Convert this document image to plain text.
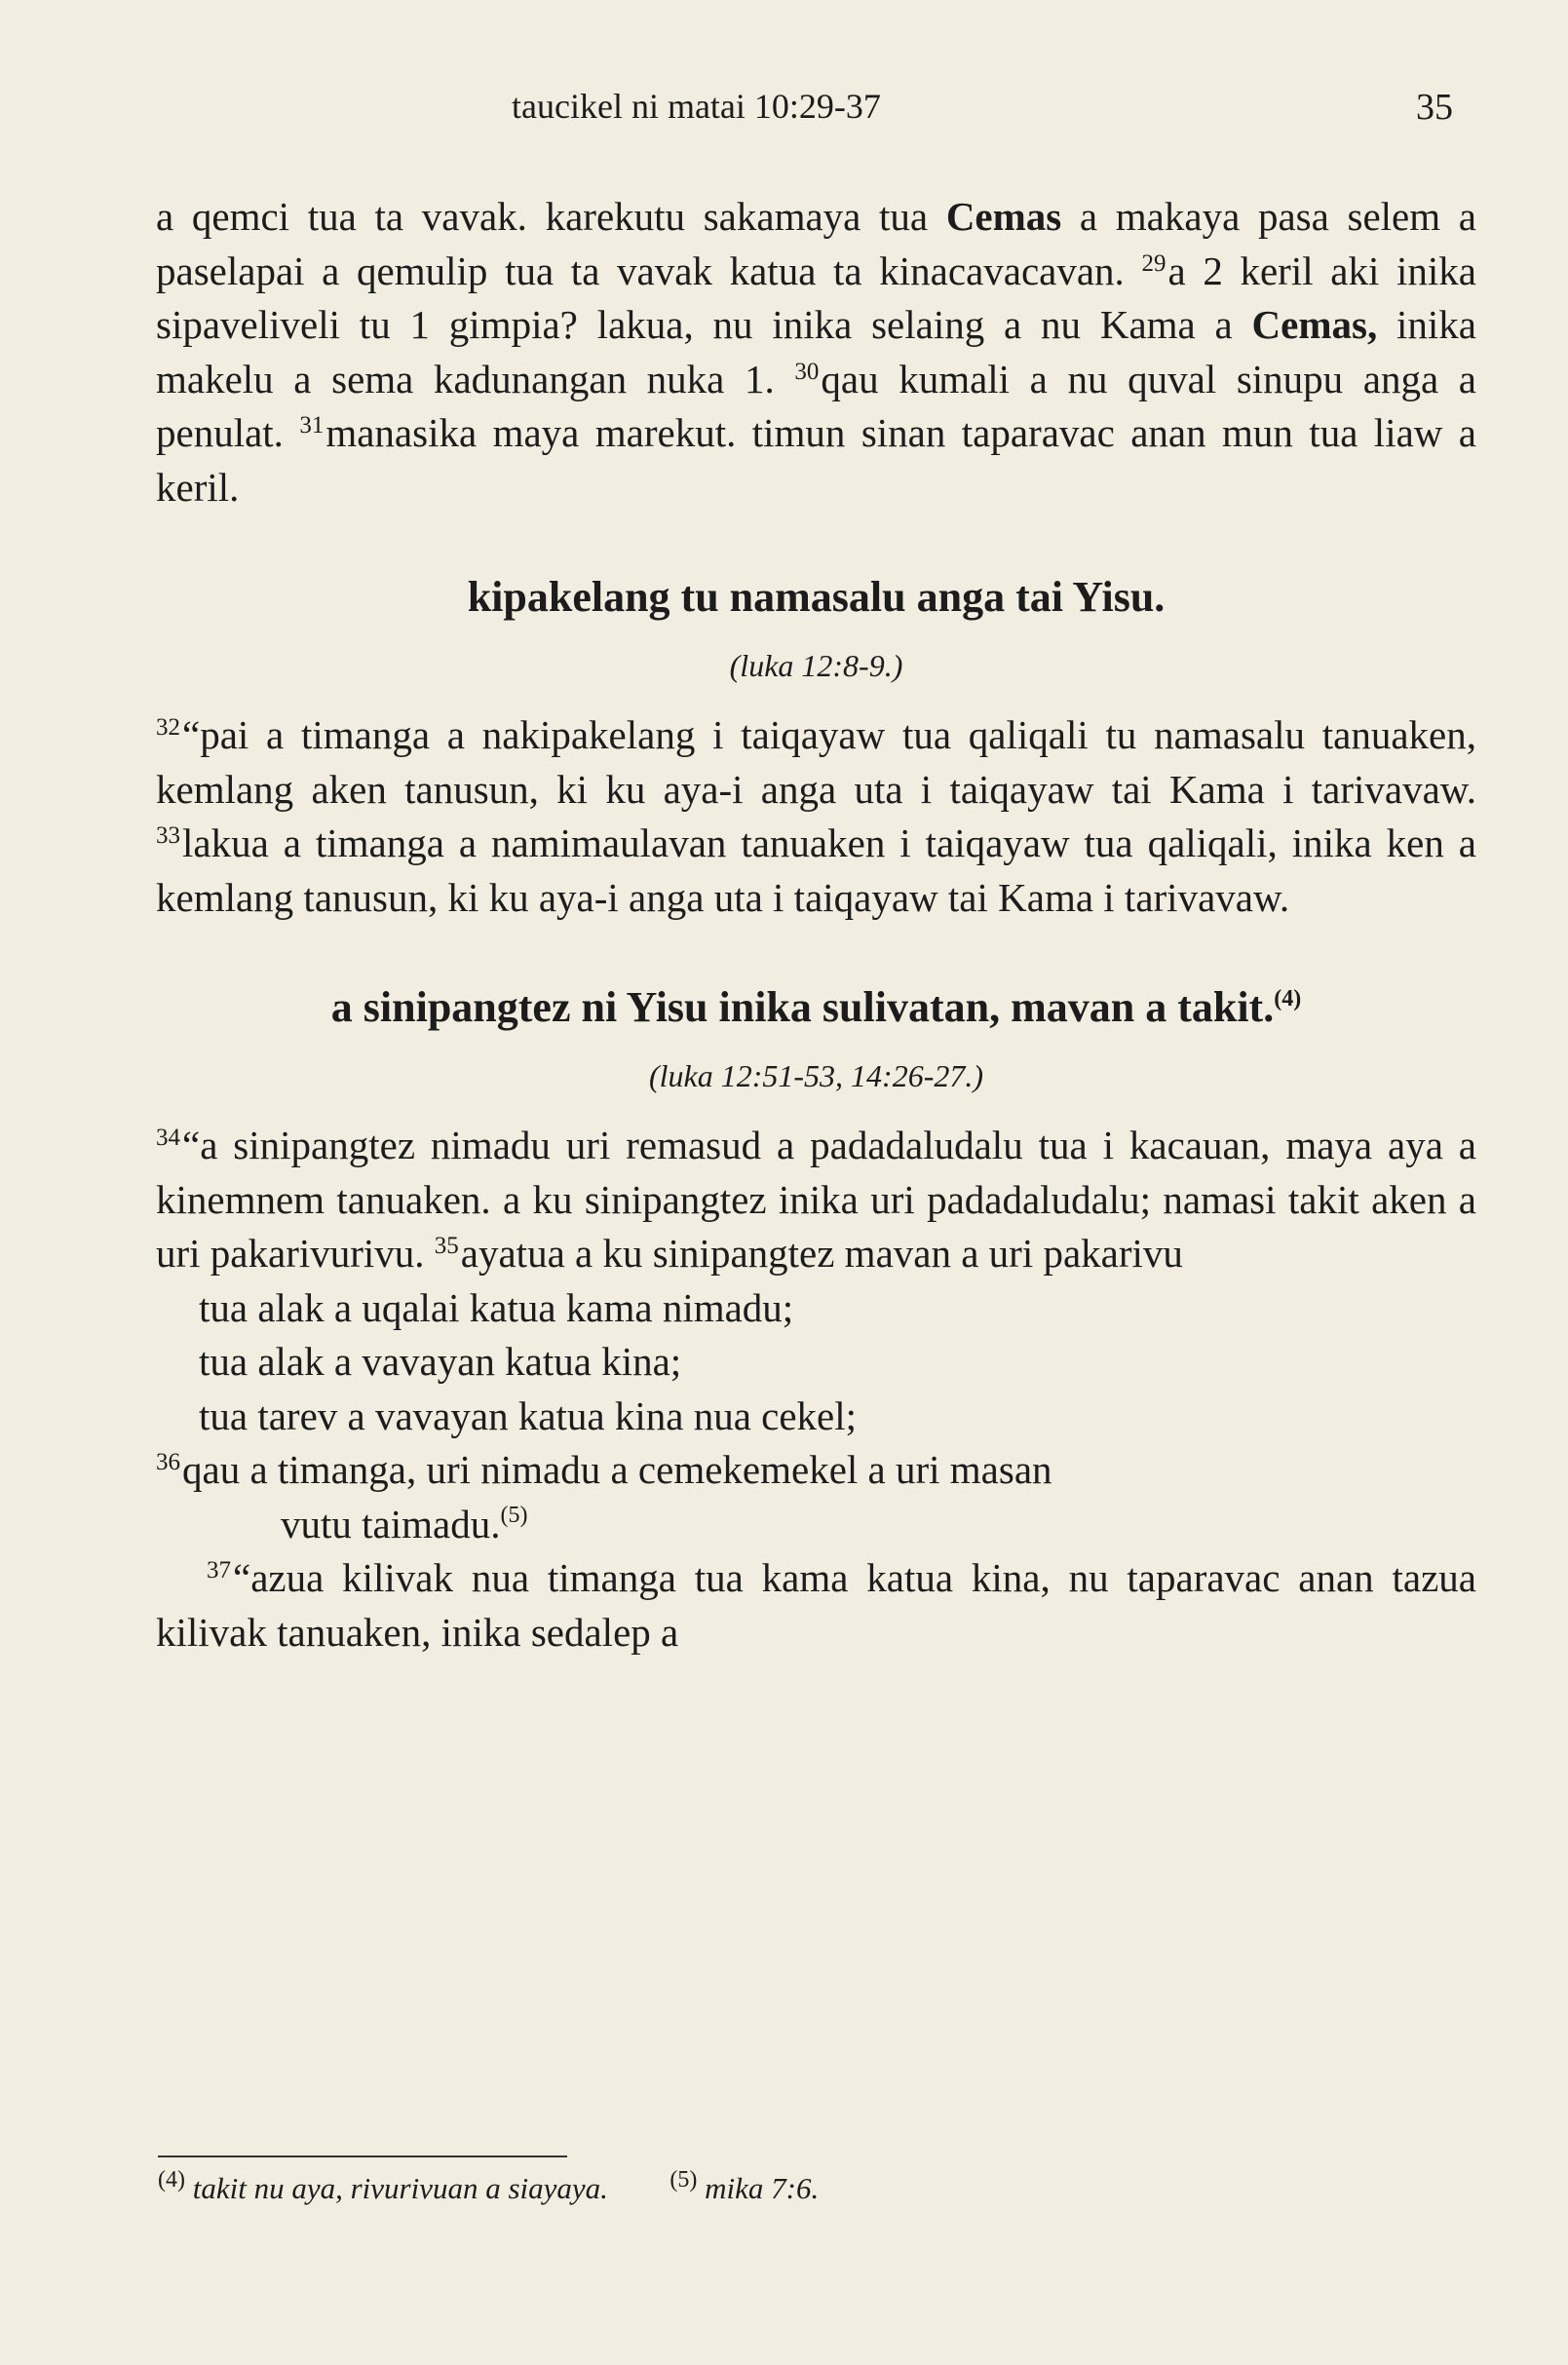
taucikel ni matai 10:29-37	35

a qemci tua ta vavak. karekutu sakamaya tua Cemas a makaya pasa selem a paselapai a qemulip tua ta vavak katua ta kinacavacavan. $^{29}$a 2 keril aki inika sipaveliveli tu 1 gimpia? lakua, nu inika selaing a nu Kama a Cemas, inika makelu a sema kadunangan nuka 1. $^{30}$qau kumali a nu quval sinupu anga a penulat. $^{31}$manasika maya marekut. timun sinan taparavac anan mun tua liaw a keril.

kipakelang tu namasalu anga tai Yisu.
(luka 12:8-9.)

$^{32}$“pai a timanga a nakipakelang i taiqayaw tua qaliqali tu namasalu tanuaken, kemlang aken tanusun, ki ku aya-i anga uta i taiqayaw tai Kama i tarivavaw. $^{33}$lakua a timanga a namimaulavan tanuaken i taiqayaw tua qaliqali, inika ken a kemlang tanusun, ki ku aya-i anga uta i taiqayaw tai Kama i tarivavaw.

a sinipangtez ni Yisu inika sulivatan, mavan a takit.$^{(4)}$
(luka 12:51-53, 14:26-27.)

$^{34}$“a sinipangtez nimadu uri remasud a padadaludalu tua i kacauan, maya aya a kinemnem tanuaken. a ku sinipangtez inika uri padadaludalu; namasi takit aken a uri pakarivurivu. $^{35}$ayatua a ku sinipangtez mavan a uri pakarivu

tua alak a uqalai katua kama nimadu;

tua alak a vavayan katua kina;

tua tarev a vavayan katua kina nua cekel;

$^{36}$qau a timanga, uri nimadu a cemekemekel a uri masan

vutu taimadu.$^{(5)}$

$^{37}$“azua kilivak nua timanga tua kama katua kina, nu taparavac anan tazua kilivak tanuaken, inika sedalep a

$^{(4)}$ takit nu aya, rivurivuan a siayaya.	$^{(5)}$ mika 7:6.
